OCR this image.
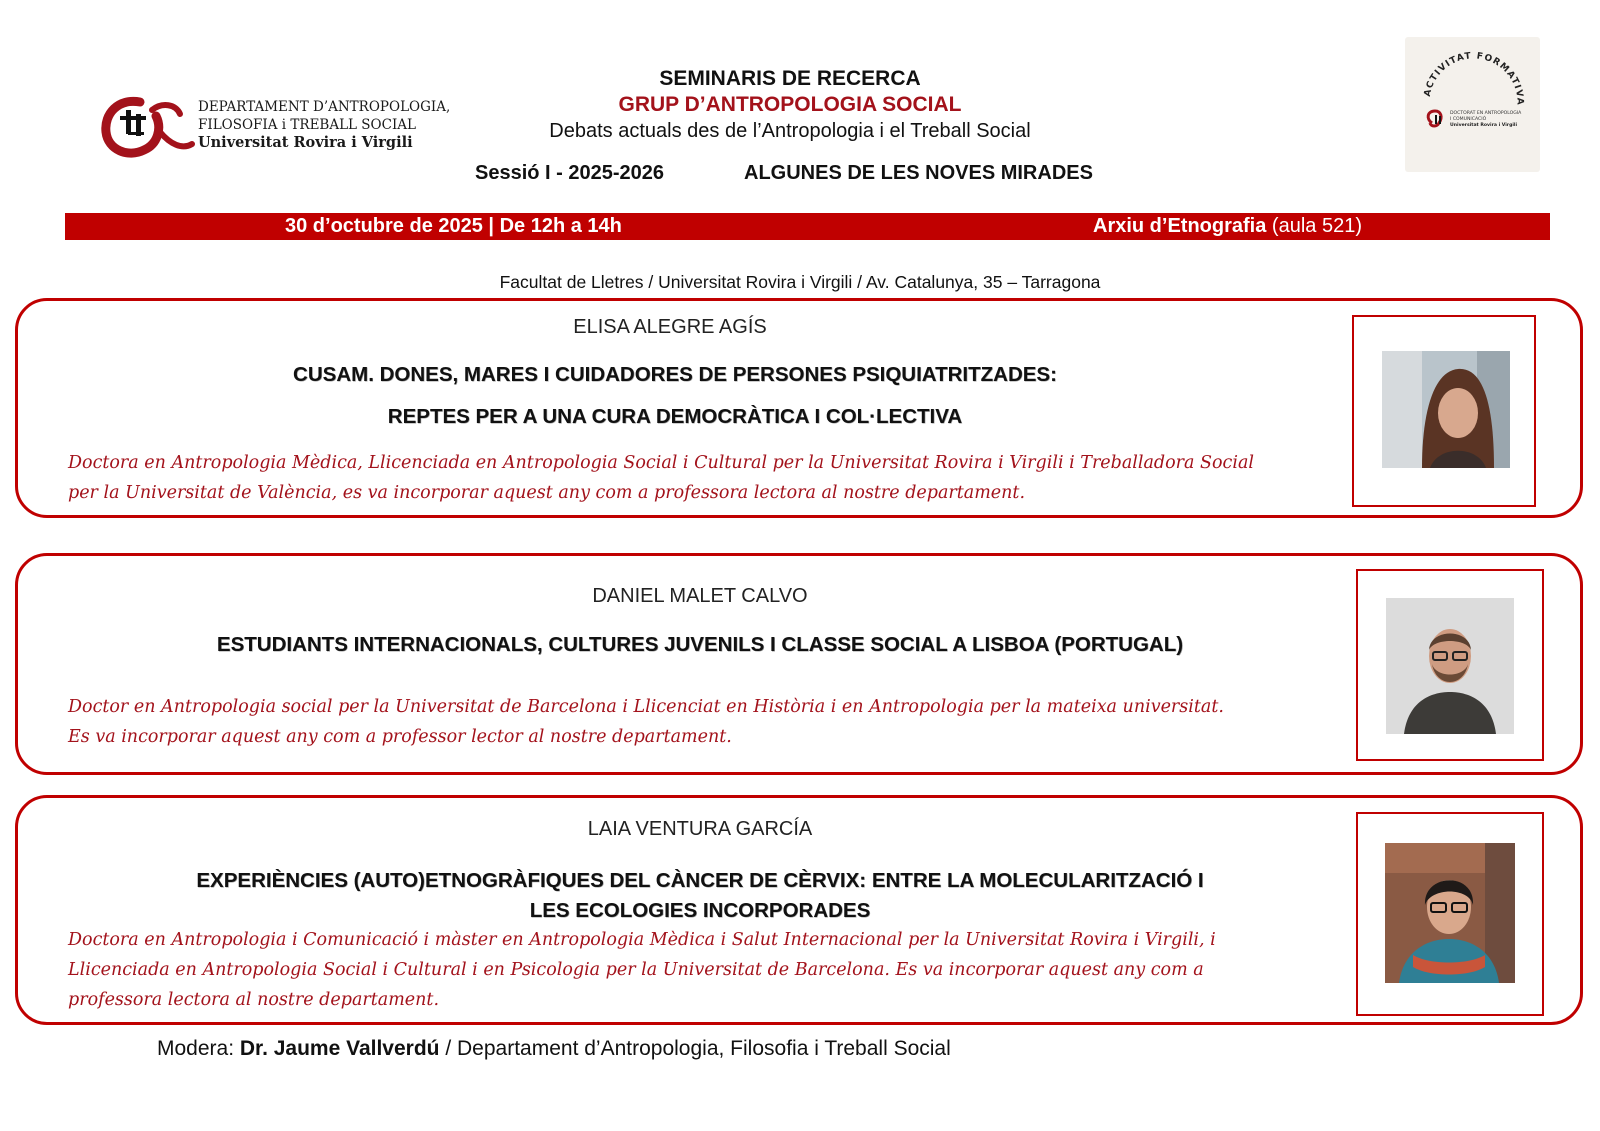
DEPARTAMENT D’ANTROPOLOGIA,
FILOSOFIA i TREBALL SOCIAL
Universitat Rovira i Virgili
SEMINARIS DE RECERCA
GRUP D’ANTROPOLOGIA SOCIAL
Debats actuals des de l’Antropologia i el Treball Social
Sessió I - 2025-2026	ALGUNES DE LES NOVES MIRADES
ACTIVITAT FORMATIVA
DOCTORAT EN ANTROPOLOGIA
I COMUNICACIÓ
Universitat Rovira i Virgili
30 d’octubre de 2025 | De 12h a 14h	Arxiu d’Etnografia (aula 521)
Facultat de Lletres / Universitat Rovira i Virgili / Av. Catalunya, 35 – Tarragona
ELISA ALEGRE AGÍS
CUSAM. DONES, MARES I CUIDADORES DE PERSONES PSIQUIATRITZADES:
REPTES PER A UNA CURA DEMOCRÀTICA I COL·LECTIVA
Doctora en Antropologia Mèdica, Llicenciada en Antropologia Social i Cultural per la Universitat Rovira i Virgili i Treballadora Social
per la Universitat de València, es va incorporar aquest any com a professora lectora al nostre departament.
DANIEL MALET CALVO
ESTUDIANTS INTERNACIONALS, CULTURES JUVENILS I CLASSE SOCIAL A LISBOA (PORTUGAL)
Doctor en Antropologia social per la Universitat de Barcelona i Llicenciat en Història i en Antropologia per la mateixa universitat.
Es va incorporar aquest any com a professor lector al nostre departament.
LAIA VENTURA GARCÍA
EXPERIÈNCIES (AUTO)ETNOGRÀFIQUES DEL CÀNCER DE CÈRVIX: ENTRE LA MOLECULARITZACIÓ I
LES ECOLOGIES INCORPORADES
Doctora en Antropologia i Comunicació i màster en Antropologia Mèdica i Salut Internacional per la Universitat Rovira i Virgili, i
Llicenciada en Antropologia Social i Cultural i en Psicologia per la Universitat de Barcelona. Es va incorporar aquest any com a
professora lectora al nostre departament.
Modera: Dr. Jaume Vallverdú / Departament d’Antropologia, Filosofia i Treball Social
